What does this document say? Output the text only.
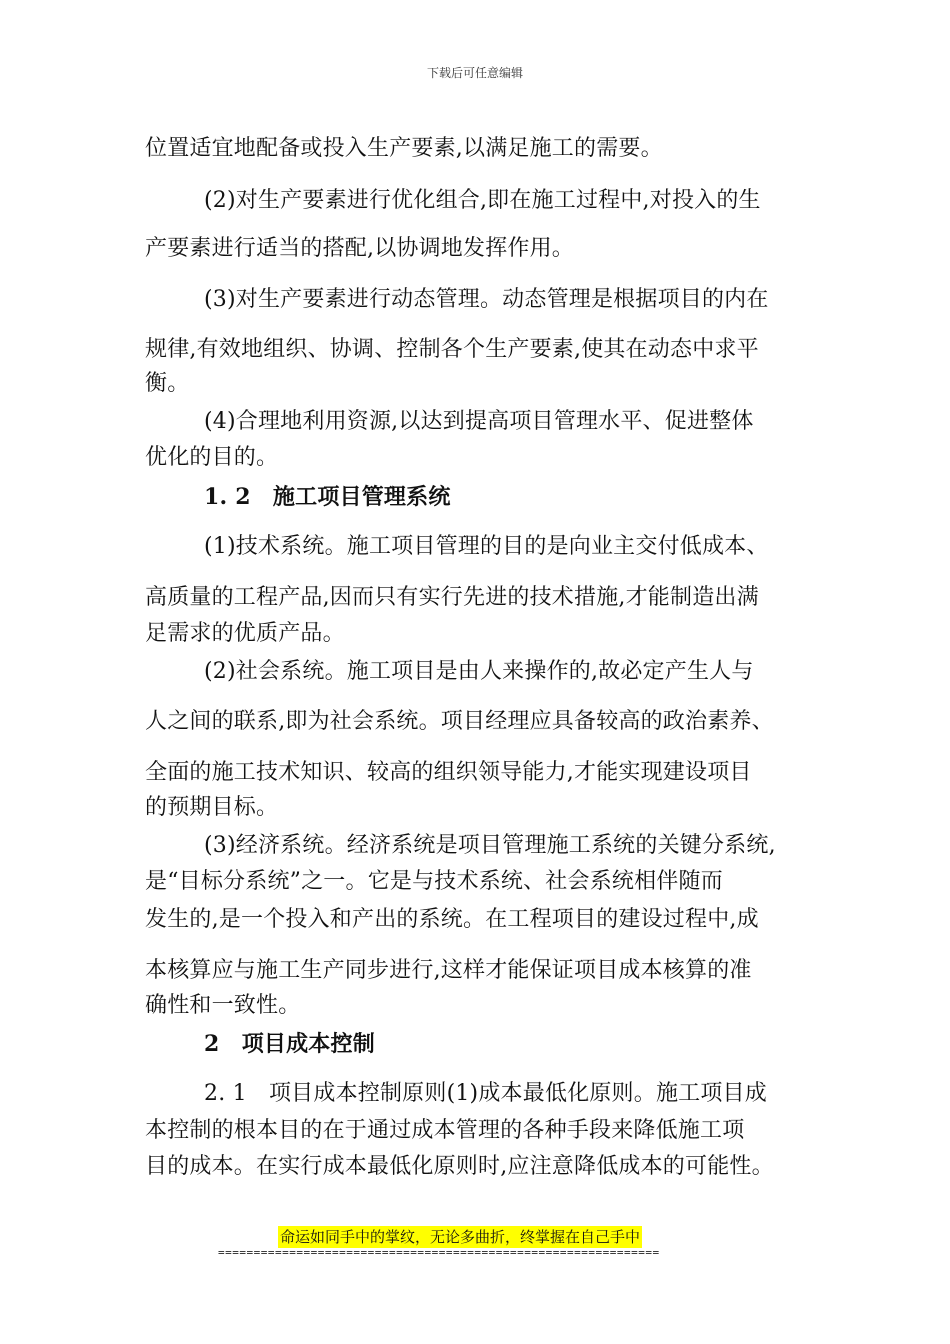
下载后可任意编辑
位置适宜地配备或投入生产要素,以满足施工的需要。
(2)对生产要素进行优化组合,即在施工过程中,对投入的生
产要素进行适当的搭配,以协调地发挥作用。
(3)对生产要素进行动态管理。动态管理是根据项目的内在
规律,有效地组织、协调、控制各个生产要素,使其在动态中求平
衡。
(4)合理地利用资源,以达到提高项目管理水平、促进整体
优化的目的。
1. 2　施工项目管理系统
(1)技术系统。施工项目管理的目的是向业主交付低成本、
高质量的工程产品,因而只有实行先进的技术措施,才能制造出满
足需求的优质产品。
(2)社会系统。施工项目是由人来操作的,故必定产生人与
人之间的联系,即为社会系统。项目经理应具备较高的政治素养、
全面的施工技术知识、较高的组织领导能力,才能实现建设项目
的预期目标。
(3)经济系统。经济系统是项目管理施工系统的关键分系统,
是“目标分系统”之一。它是与技术系统、社会系统相伴随而
发生的,是一个投入和产出的系统。在工程项目的建设过程中,成
本核算应与施工生产同步进行,这样才能保证项目成本核算的准
确性和一致性。
2　项目成本控制
2. 1　项目成本控制原则(1)成本最低化原则。施工项目成
本控制的根本目的在于通过成本管理的各种手段来降低施工项
目的成本。在实行成本最低化原则时,应注意降低成本的可能性。
命运如同手中的掌纹，无论多曲折，终掌握在自己手中
==============================================================
